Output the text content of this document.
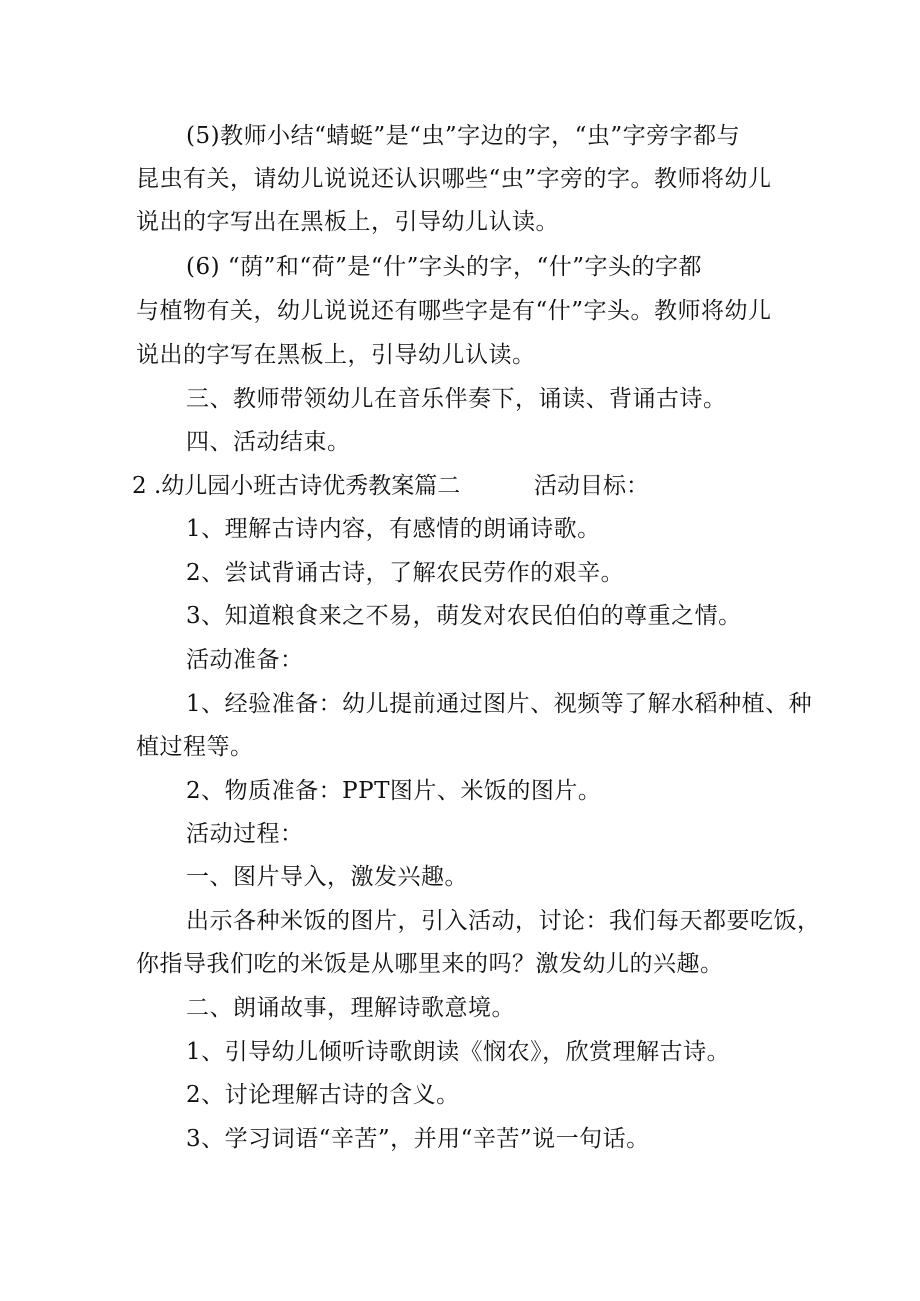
(5)教师小结“蜻蜓”是“虫”字边的字，“虫”字旁字都与
昆虫有关，请幼儿说说还认识哪些“虫”字旁的字。教师将幼儿
说出的字写出在黑板上，引导幼儿认读。
(6) “荫”和“荷”是“什”字头的字，“什”字头的字都
与植物有关，幼儿说说还有哪些字是有“什”字头。教师将幼儿
说出的字写在黑板上，引导幼儿认读。
三、教师带领幼儿在音乐伴奏下，诵读、背诵古诗。
四、活动结束。
2 .幼儿园小班古诗优秀教案篇二	活动目标：
1、理解古诗内容，有感情的朗诵诗歌。
2、尝试背诵古诗，了解农民劳作的艰辛。
3、知道粮食来之不易，萌发对农民伯伯的尊重之情。
活动准备：
1、经验准备：幼儿提前通过图片、视频等了解水稻种植、种
植过程等。
2、物质准备：PPT图片、米饭的图片。
活动过程：
一、图片导入，激发兴趣。
出示各种米饭的图片，引入活动，讨论：我们每天都要吃饭，
你指导我们吃的米饭是从哪里来的吗？激发幼儿的兴趣。
二、朗诵故事，理解诗歌意境。
1、引导幼儿倾听诗歌朗读《悯农》，欣赏理解古诗。
2、讨论理解古诗的含义。
3、学习词语“辛苦”，并用“辛苦”说一句话。
